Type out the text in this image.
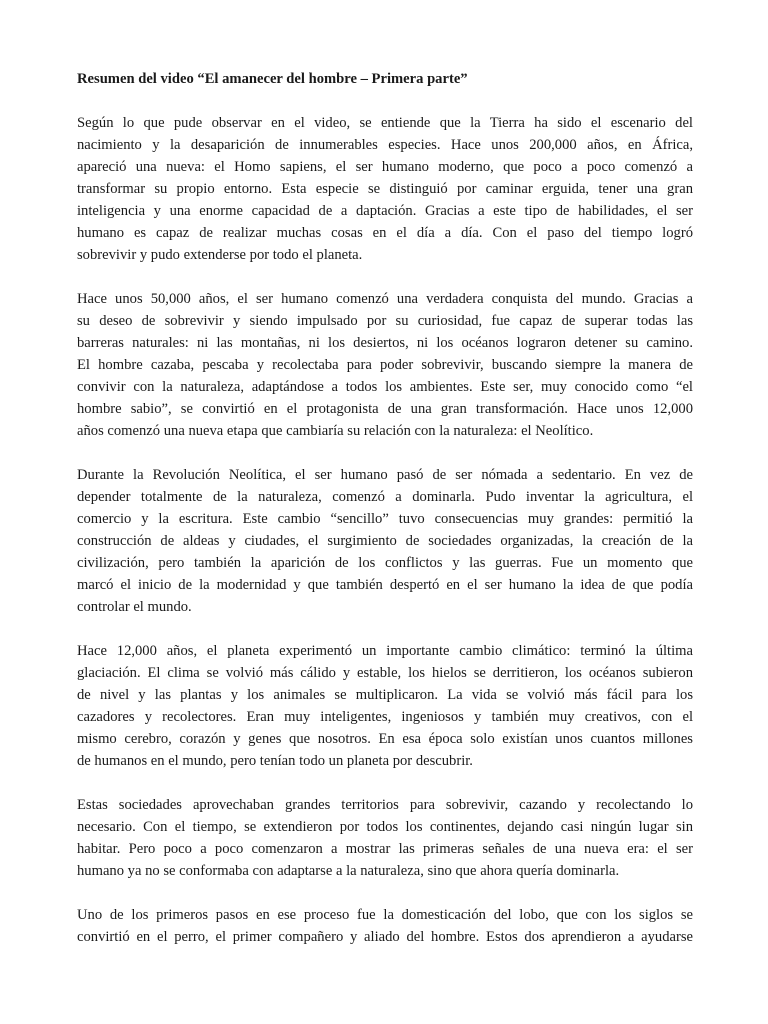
Resumen del video “El amanecer del hombre – Primera parte”
Según lo que pude observar en el video, se entiende que la Tierra ha sido el escenario del
nacimiento y la desaparición de innumerables especies. Hace unos 200,000 años, en África,
apareció una nueva: el Homo sapiens, el ser humano moderno, que poco a poco comenzó a
transformar su propio entorno. Esta especie se distinguió por caminar erguida, tener una gran
inteligencia y una enorme capacidad de a daptación. Gracias a este tipo de habilidades, el ser
humano es capaz de realizar muchas cosas en el día a día. Con el paso del tiempo logró
sobrevivir y pudo extenderse por todo el planeta.
Hace unos 50,000 años, el ser humano comenzó una verdadera conquista del mundo. Gracias a
su deseo de sobrevivir y siendo impulsado por su curiosidad, fue capaz de superar todas las
barreras naturales: ni las montañas, ni los desiertos, ni los océanos lograron detener su camino.
El hombre cazaba, pescaba y recolectaba para poder sobrevivir, buscando siempre la manera de
convivir con la naturaleza, adaptándose a todos los ambientes. Este ser, muy conocido como “el
hombre sabio”, se convirtió en el protagonista de una gran transformación. Hace unos 12,000
años comenzó una nueva etapa que cambiaría su relación con la naturaleza: el Neolítico.
Durante la Revolución Neolítica, el ser humano pasó de ser nómada a sedentario. En vez de
depender totalmente de la naturaleza, comenzó a dominarla. Pudo inventar la agricultura, el
comercio y la escritura. Este cambio “sencillo” tuvo consecuencias muy grandes: permitió la
construcción de aldeas y ciudades, el surgimiento de sociedades organizadas, la creación de la
civilización, pero también la aparición de los conflictos y las guerras. Fue un momento que
marcó el inicio de la modernidad y que también despertó en el ser humano la idea de que podía
controlar el mundo.
Hace 12,000 años, el planeta experimentó un importante cambio climático: terminó la última
glaciación. El clima se volvió más cálido y estable, los hielos se derritieron, los océanos subieron
de nivel y las plantas y los animales se multiplicaron. La vida se volvió más fácil para los
cazadores y recolectores. Eran muy inteligentes, ingeniosos y también muy creativos, con el
mismo cerebro, corazón y genes que nosotros. En esa época solo existían unos cuantos millones
de humanos en el mundo, pero tenían todo un planeta por descubrir.
Estas sociedades aprovechaban grandes territorios para sobrevivir, cazando y recolectando lo
necesario. Con el tiempo, se extendieron por todos los continentes, dejando casi ningún lugar sin
habitar. Pero poco a poco comenzaron a mostrar las primeras señales de una nueva era: el ser
humano ya no se conformaba con adaptarse a la naturaleza, sino que ahora quería dominarla.
Uno de los primeros pasos en ese proceso fue la domesticación del lobo, que con los siglos se
convirtió en el perro, el primer compañero y aliado del hombre. Estos dos aprendieron a ayudarse
